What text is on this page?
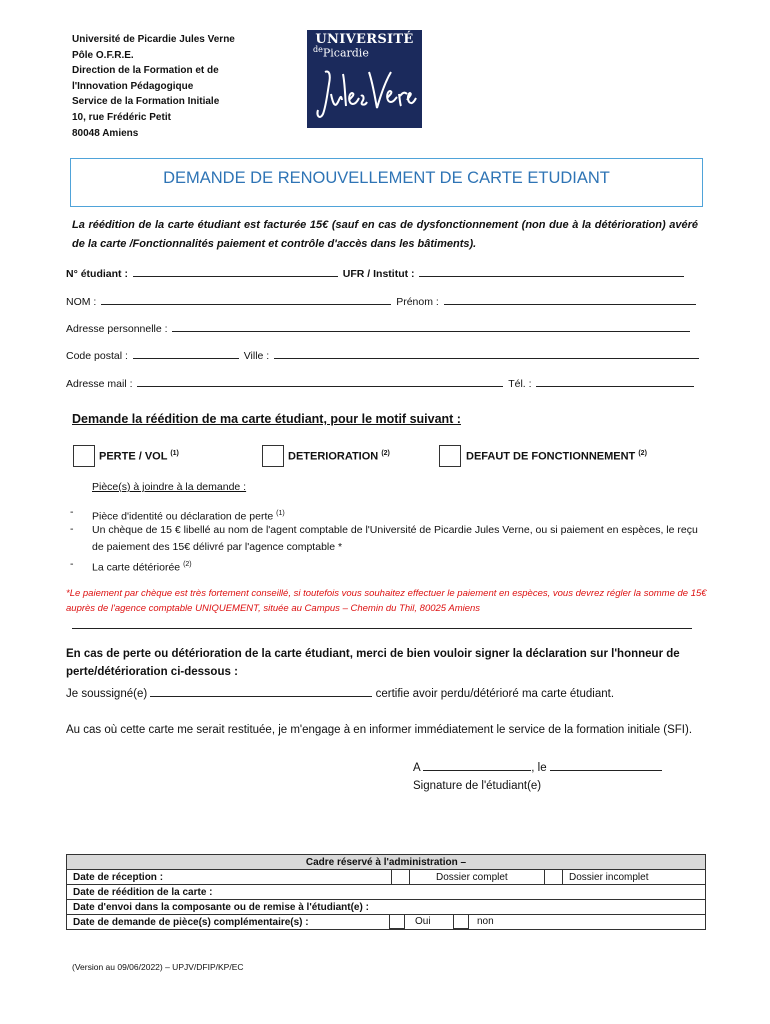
Université de Picardie Jules Verne
Pôle O.F.R.E.
Direction de la Formation et de
l'Innovation Pédagogique
Service de la Formation Initiale
10, rue Frédéric Petit
80048 Amiens
UNIVERSITÉ
$^{de}$Picardie
DEMANDE DE RENOUVELLEMENT DE CARTE ETUDIANT
La réédition de la carte étudiant est facturée 15€ (sauf en cas de dysfonctionnement (non due à la détérioration) avéré de la carte /Fonctionnalités paiement et contrôle d'accès dans les bâtiments).
N° étudiant :	UFR / Institut :
NOM :	Prénom :
Adresse personnelle :
Code postal :	Ville :
Adresse mail :	Tél. :
Demande la réédition de ma carte étudiant, pour le motif suivant :
PERTE / VOL $^{(1)}$	DETERIORATION $^{(2)}$	DEFAUT DE FONCTIONNEMENT $^{(2)}$
Pièce(s) à joindre à la demande :
- Pièce d'identité ou déclaration de perte $^{(1)}$
- Un chèque de 15 € libellé au nom de l'agent comptable de l'Université de Picardie Jules Verne, ou si paiement en espèces, le reçu de paiement des 15€ délivré par l'agence comptable *
- La carte détériorée $^{(2)}$
*Le paiement par chèque est très fortement conseillé, si toutefois vous souhaitez effectuer le paiement en espèces, vous devrez régler la somme de 15€ auprès de l'agence comptable UNIQUEMENT, située au Campus – Chemin du Thil, 80025 Amiens
En cas de perte ou détérioration de la carte étudiant, merci de bien vouloir signer la déclaration sur l'honneur de perte/détérioration ci-dessous :
Je soussigné(e)	certifie avoir perdu/détérioré ma carte étudiant.
Au cas où cette carte me serait restituée, je m'engage à en informer immédiatement le service de la formation initiale (SFI).
A	, le
Signature de l'étudiant(e)
Cadre réservé à l'administration –
Date de réception :		Dossier complet		Dossier incomplet
Date de réédition de la carte :
Date d'envoi dans la composante ou de remise à l'étudiant(e) :
Date de demande de pièce(s) complémentaire(s) :	Oui	non
(Version au 09/06/2022) – UPJV/DFIP/KP/EC
